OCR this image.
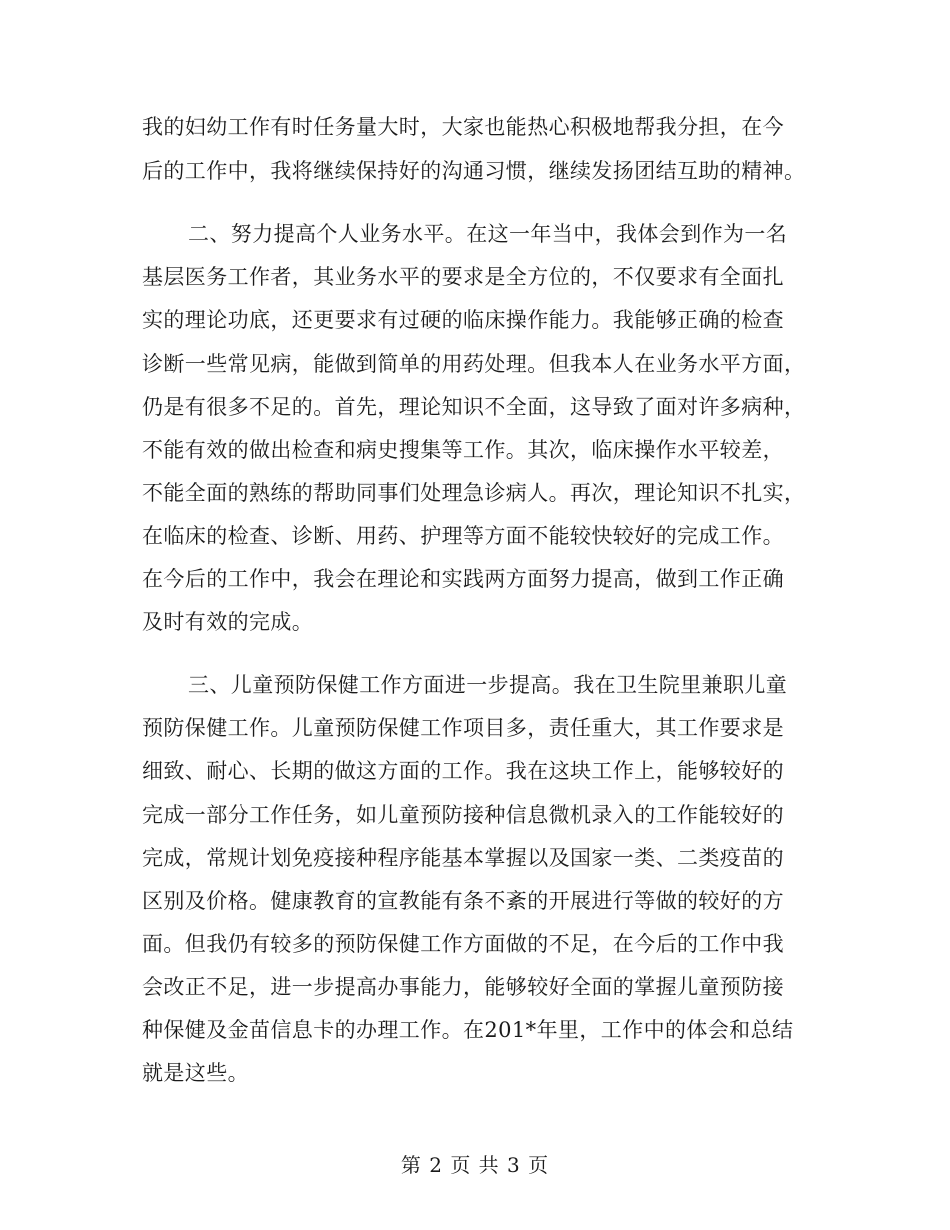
我的妇幼工作有时任务量大时，大家也能热心积极地帮我分担，在今
后的工作中，我将继续保持好的沟通习惯，继续发扬团结互助的精神。
二、努力提高个人业务水平。在这一年当中，我体会到作为一名
基层医务工作者，其业务水平的要求是全方位的，不仅要求有全面扎
实的理论功底，还更要求有过硬的临床操作能力。我能够正确的检查
诊断一些常见病，能做到简单的用药处理。但我本人在业务水平方面，
仍是有很多不足的。首先，理论知识不全面，这导致了面对许多病种，
不能有效的做出检查和病史搜集等工作。其次，临床操作水平较差，
不能全面的熟练的帮助同事们处理急诊病人。再次，理论知识不扎实，
在临床的检查、诊断、用药、护理等方面不能较快较好的完成工作。
在今后的工作中，我会在理论和实践两方面努力提高，做到工作正确
及时有效的完成。
三、儿童预防保健工作方面进一步提高。我在卫生院里兼职儿童
预防保健工作。儿童预防保健工作项目多，责任重大，其工作要求是
细致、耐心、长期的做这方面的工作。我在这块工作上，能够较好的
完成一部分工作任务，如儿童预防接种信息微机录入的工作能较好的
完成，常规计划免疫接种程序能基本掌握以及国家一类、二类疫苗的
区别及价格。健康教育的宣教能有条不紊的开展进行等做的较好的方
面。但我仍有较多的预防保健工作方面做的不足，在今后的工作中我
会改正不足，进一步提高办事能力，能够较好全面的掌握儿童预防接
种保健及金苗信息卡的办理工作。在201*年里，工作中的体会和总结
就是这些。
第 2 页 共 3 页
